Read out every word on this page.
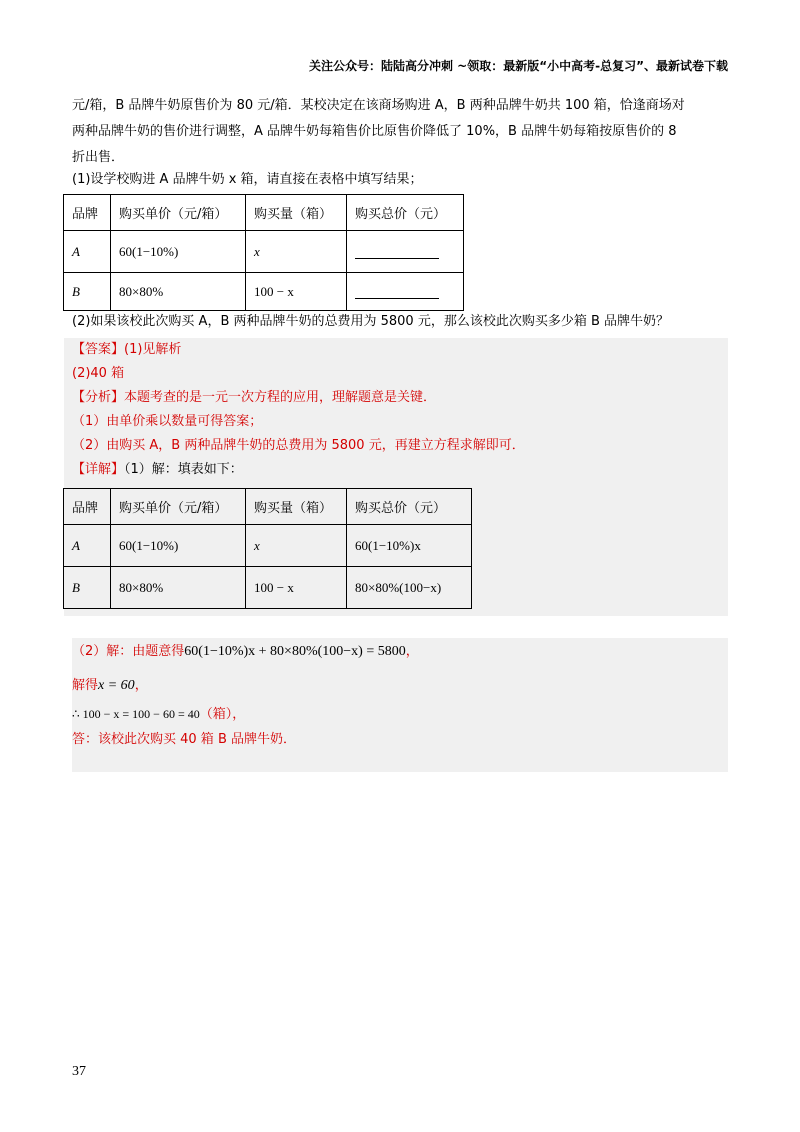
关注公众号：陆陆高分冲刺 ~领取：最新版“小中高考-总复习”、最新试卷下载
元/箱，B 品牌牛奶原售价为 80 元/箱．某校决定在该商场购进 A，B 两种品牌牛奶共 100 箱，恰逢商场对
两种品牌牛奶的售价进行调整，A 品牌牛奶每箱售价比原售价降低了 10%，B 品牌牛奶每箱按原售价的 8
折出售．
(1)设学校购进 A 品牌牛奶 x 箱，请直接在表格中填写结果；
品牌	购买单价（元/箱）	购买量（箱）	购买总价（元）
A	60(1−10%)	x	
B	80×80%	100 − x	
(2)如果该校此次购买 A，B 两种品牌牛奶的总费用为 5800 元，那么该校此次购买多少箱 B 品牌牛奶？
【答案】(1)见解析
(2)40 箱
【分析】本题考查的是一元一次方程的应用，理解题意是关键．
（1）由单价乘以数量可得答案；
（2）由购买 A，B 两种品牌牛奶的总费用为 5800 元，再建立方程求解即可．
【详解】（1）解：填表如下：
品牌	购买单价（元/箱）	购买量（箱）	购买总价（元）
A	60(1−10%)	x	60(1−10%)x
B	80×80%	100 − x	80×80%(100−x)
（2）解：由题意得60(1−10%)x + 80×80%(100−x) = 5800，
解得x = 60，
∴ 100 − x = 100 − 60 = 40（箱），
答：该校此次购买 40 箱 B 品牌牛奶．
37
